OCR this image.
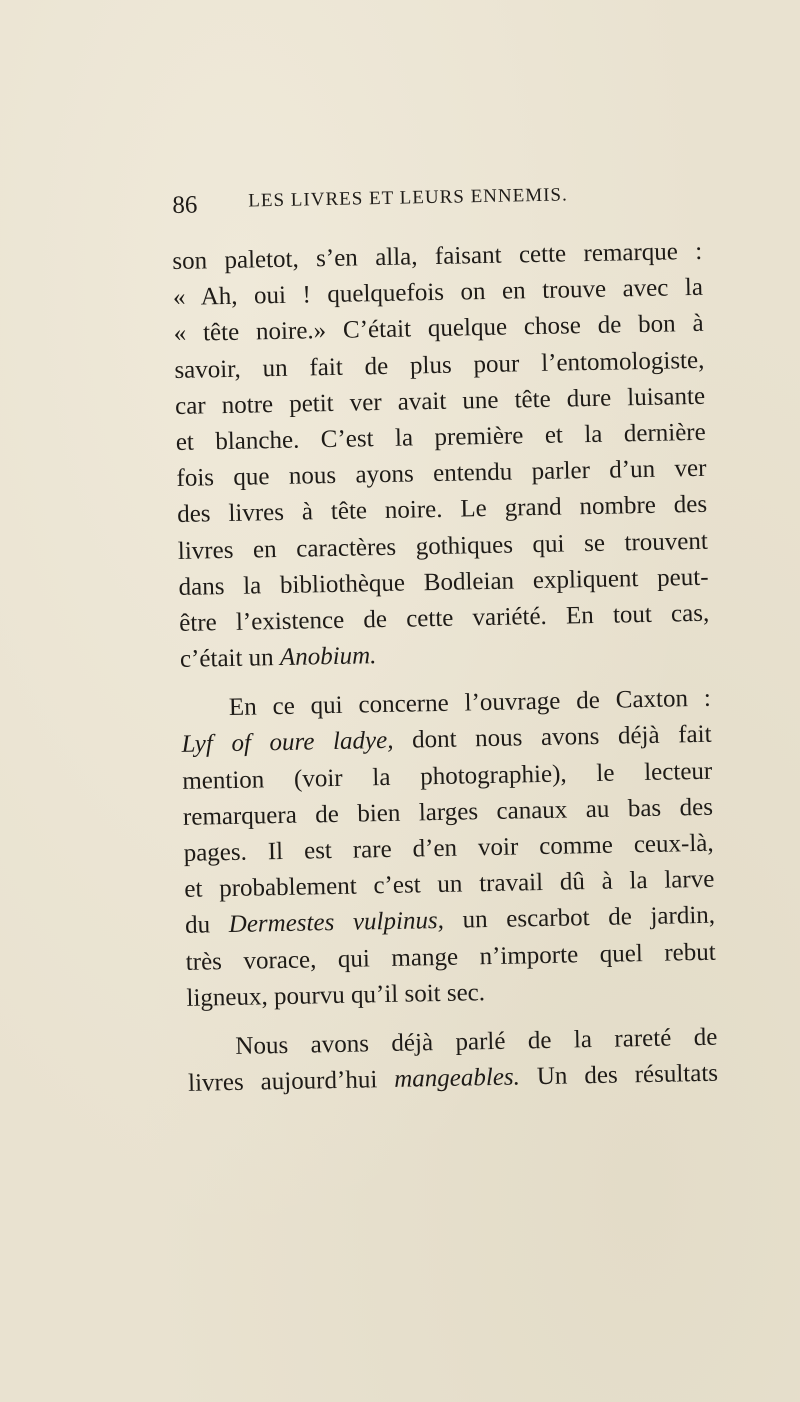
86	LES LIVRES ET LEURS ENNEMIS.
son paletot, s’en alla, faisant cette remarque :
« Ah, oui ! quelquefois on en trouve avec la
« tête noire.» C’était quelque chose de bon à
savoir, un fait de plus pour l’entomologiste,
car notre petit ver avait une tête dure luisante
et blanche. C’est la première et la dernière
fois que nous ayons entendu parler d’un ver
des livres à tête noire. Le grand nombre des
livres en caractères gothiques qui se trouvent
dans la bibliothèque Bodleian expliquent peut-
être l’existence de cette variété. En tout cas,
c’était un Anobium.
En ce qui concerne l’ouvrage de Caxton :
Lyf of oure ladye, dont nous avons déjà fait
mention (voir la photographie), le lecteur
remarquera de bien larges canaux au bas des
pages. Il est rare d’en voir comme ceux-là,
et probablement c’est un travail dû à la larve
du Dermestes vulpinus, un escarbot de jardin,
très vorace, qui mange n’importe quel rebut
ligneux, pourvu qu’il soit sec.
Nous avons déjà parlé de la rareté de
livres aujourd’hui mangeables. Un des résultats
